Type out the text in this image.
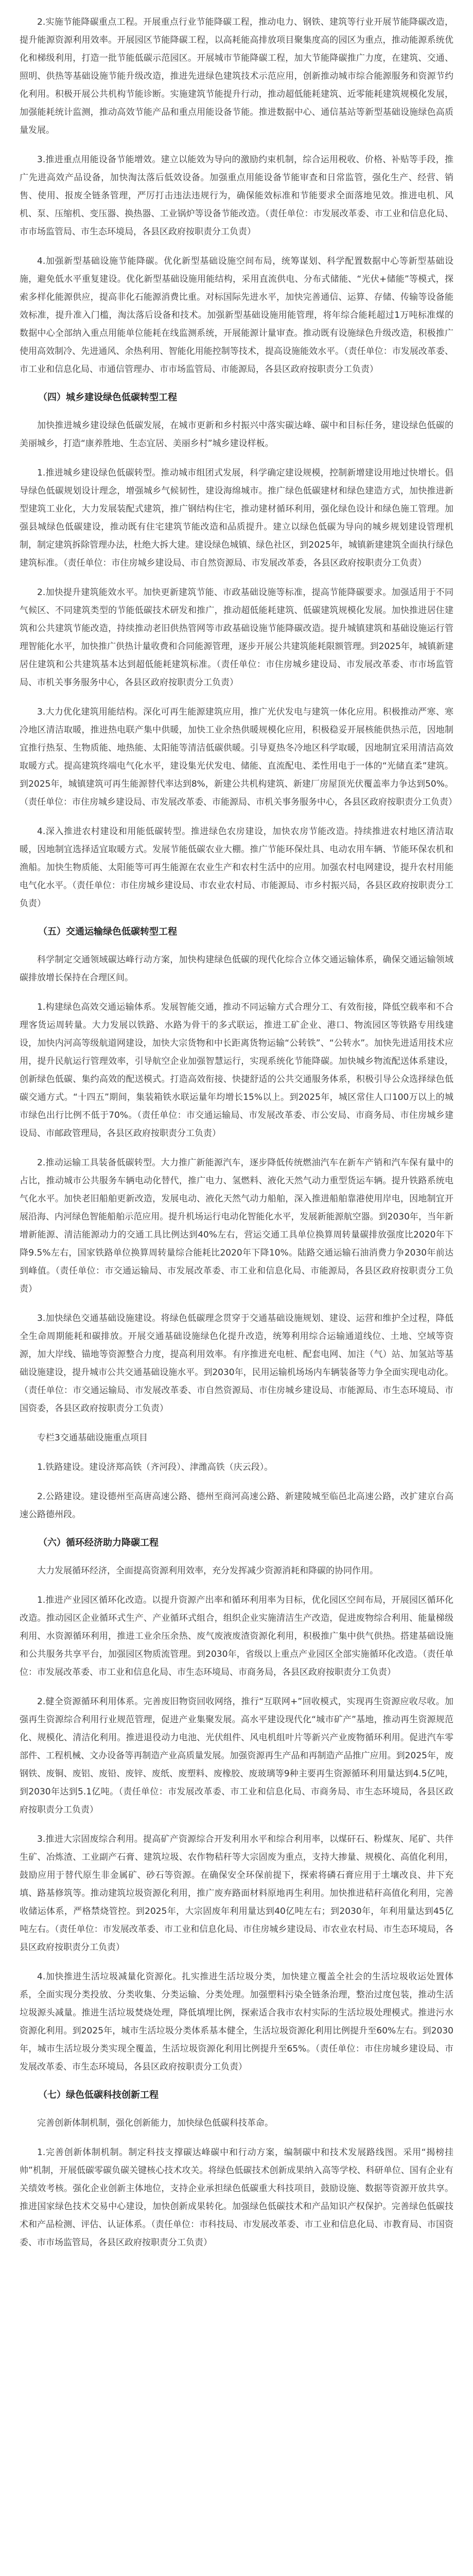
2.实施节能降碳重点工程。开展重点行业节能降碳工程，推动电力、钢铁、建筑等行业开展节能降碳改造，提升能源资源利用效率。开展园区节能降碳工程，以高耗能高排放项目聚集度高的园区为重点，推动能源系统优化和梯级利用，打造一批节能低碳示范园区。开展城市节能降碳工程，加大节能降碳推广力度，在建筑、交通、照明、供热等基础设施节能升级改造，推进先进绿色建筑技术示范应用，创新推动城市综合能源服务和资源节约化利用。积极开展公共机构节能诊断。实施建筑节能提升行动，推动超低能耗建筑、近零能耗建筑规模化发展，加强能耗统计监测，推动高效节能产品和重点用能设备节能。推进数据中心、通信基站等新型基础设施绿色高质量发展。

3.推进重点用能设备节能增效。建立以能效为导向的激励约束机制，综合运用税收、价格、补贴等手段，推广先进高效产品设备，加快淘汰落后低效设备。加强重点用能设备节能审查和日常监管，强化生产、经营、销售、使用、报废全链条管理，严厉打击违法违规行为，确保能效标准和节能要求全面落地见效。推进电机、风机、泵、压缩机、变压器、换热器、工业锅炉等设备节能改造。（责任单位：市发展改革委、市工业和信息化局、市市场监管局、市生态环境局，各县区政府按职责分工负责）

4.加强新型基础设施节能降碳。优化新型基础设施空间布局，统筹谋划、科学配置数据中心等新型基础设施，避免低水平重复建设。优化新型基础设施用能结构，采用直流供电、分布式储能、“光伏+储能”等模式，探索多样化能源供应，提高非化石能源消费比重。对标国际先进水平，加快完善通信、运算、存储、传输等设备能效标准，提升准入门槛，淘汰落后设备和技术。加强新型基础设施用能管理，将年综合能耗超过1万吨标准煤的数据中心全部纳入重点用能单位能耗在线监测系统，开展能源计量审查。推动既有设施绿色升级改造，积极推广使用高效制冷、先进通风、余热利用、智能化用能控制等技术，提高设施能效水平。（责任单位：市发展改革委、市工业和信息化局、市通信管理办、市市场监管局、市能源局，各县区政府按职责分工负责）

（四）城乡建设绿色低碳转型工程

加快推进城乡建设绿色低碳发展，在城市更新和乡村振兴中落实碳达峰、碳中和目标任务，建设绿色低碳的美丽城乡，打造“康养胜地、生态宜居、美丽乡村”城乡建设样板。

1.推进城乡建设绿色低碳转型。推动城市组团式发展，科学确定建设规模，控制新增建设用地过快增长。倡导绿色低碳规划设计理念，增强城乡气候韧性，建设海绵城市。推广绿色低碳建材和绿色建造方式，加快推进新型建筑工业化，大力发展装配式建筑，推广钢结构住宅，推动建材循环利用，强化绿色设计和绿色施工管理。加强县城绿色低碳建设，推动既有住宅建筑节能改造和品质提升。建立以绿色低碳为导向的城乡规划建设管理机制，制定建筑拆除管理办法，杜绝大拆大建。建设绿色城镇、绿色社区，到2025年，城镇新建建筑全面执行绿色建筑标准。（责任单位：市住房城乡建设局、市自然资源局、市发展改革委，各县区政府按职责分工负责）

2.加快提升建筑能效水平。加快更新建筑节能、市政基础设施等标准，提高节能降碳要求。加强适用于不同气候区、不同建筑类型的节能低碳技术研发和推广，推动超低能耗建筑、低碳建筑规模化发展。加快推进居住建筑和公共建筑节能改造，持续推动老旧供热管网等市政基础设施节能降碳改造。提升城镇建筑和基础设施运行管理智能化水平，加快推广供热计量收费和合同能源管理，逐步开展公共建筑能耗限额管理。到2025年，城镇新建居住建筑和公共建筑基本达到超低能耗建筑标准。（责任单位：市住房城乡建设局、市发展改革委、市市场监管局、市机关事务服务中心，各县区政府按职责分工负责）

3.大力优化建筑用能结构。深化可再生能源建筑应用，推广光伏发电与建筑一体化应用。积极推动严寒、寒冷地区清洁取暖，推进热电联产集中供暖，加快工业余热供暖规模化应用，积极稳妥开展核能供热示范，因地制宜推行热泵、生物质能、地热能、太阳能等清洁低碳供暖。引导夏热冬冷地区科学取暖，因地制宜采用清洁高效取暖方式。提高建筑终端电气化水平，建设集光伏发电、储能、直流配电、柔性用电于一体的“光储直柔”建筑。到2025年，城镇建筑可再生能源替代率达到8%，新建公共机构建筑、新建厂房屋顶光伏覆盖率力争达到50%。（责任单位：市住房城乡建设局、市发展改革委、市能源局、市机关事务服务中心，各县区政府按职责分工负责）

4.深入推进农村建设和用能低碳转型。推进绿色农房建设，加快农房节能改造。持续推进农村地区清洁取暖，因地制宜选择适宜取暖方式。发展节能低碳农业大棚。推广节能环保灶具、电动农用车辆、节能环保农机和渔船。加快生物质能、太阳能等可再生能源在农业生产和农村生活中的应用。加强农村电网建设，提升农村用能电气化水平。（责任单位：市住房城乡建设局、市农业农村局、市能源局、市乡村振兴局，各县区政府按职责分工负责）

（五）交通运输绿色低碳转型工程

科学制定交通领域碳达峰行动方案，加快构建绿色低碳的现代化综合立体交通运输体系，确保交通运输领域碳排放增长保持在合理区间。

1.构建绿色高效交通运输体系。发展智能交通，推动不同运输方式合理分工、有效衔接，降低空载率和不合理客货运周转量。大力发展以铁路、水路为骨干的多式联运，推进工矿企业、港口、物流园区等铁路专用线建设，加快内河高等级航道网建设，加快大宗货物和中长距离货物运输“公转铁”、“公转水”。加快先进适用技术应用，提升民航运行管理效率，引导航空企业加强智慧运行，实现系统化节能降碳。加快城乡物流配送体系建设，创新绿色低碳、集约高效的配送模式。打造高效衔接、快捷舒适的公共交通服务体系，积极引导公众选择绿色低碳交通方式。“十四五”期间，集装箱铁水联运量年均增长15%以上。到2025年，城区常住人口100万以上的城市绿色出行比例不低于70%。（责任单位：市交通运输局、市发展改革委、市公安局、市商务局、市住房城乡建设局、市邮政管理局，各县区政府按职责分工负责）

2.推动运输工具装备低碳转型。大力推广新能源汽车，逐步降低传统燃油汽车在新车产销和汽车保有量中的占比，推动城市公共服务车辆电动化替代，推广电力、氢燃料、液化天然气动力重型货运车辆。提升铁路系统电气化水平。加快老旧船舶更新改造，发展电动、液化天然气动力船舶，深入推进船舶靠港使用岸电，因地制宜开展沿海、内河绿色智能船舶示范应用。提升机场运行电动化智能化水平，发展新能源航空器。到2030年，当年新增新能源、清洁能源动力的交通工具比例达到40%左右，营运交通工具单位换算周转量碳排放强度比2020年下降9.5%左右，国家铁路单位换算周转量综合能耗比2020年下降10%。陆路交通运输石油消费力争2030年前达到峰值。（责任单位：市交通运输局、市发展改革委、市工业和信息化局、市能源局，各县区政府按职责分工负责）

3.加快绿色交通基础设施建设。将绿色低碳理念贯穿于交通基础设施规划、建设、运营和维护全过程，降低全生命周期能耗和碳排放。开展交通基础设施绿色化提升改造，统筹利用综合运输通道线位、土地、空域等资源，加大岸线、锚地等资源整合力度，提高利用效率。有序推进充电桩、配套电网、加注（气）站、加氢站等基础设施建设，提升城市公共交通基础设施水平。到2030年，民用运输机场场内车辆装备等力争全面实现电动化。（责任单位：市交通运输局、市发展改革委、市自然资源局、市住房城乡建设局、市能源局、市生态环境局、市国资委，各县区政府按职责分工负责）

专栏3交通基础设施重点项目

1.铁路建设。建设济郑高铁（齐河段）、津潍高铁（庆云段）。

2.公路建设。建设德州至高唐高速公路、德州至商河高速公路、新建陵城至临邑北高速公路，改扩建京台高速公路德州段。

（六）循环经济助力降碳工程

大力发展循环经济，全面提高资源利用效率，充分发挥减少资源消耗和降碳的协同作用。

1.推进产业园区循环化改造。以提升资源产出率和循环利用率为目标，优化园区空间布局，开展园区循环化改造。推动园区企业循环式生产、产业循环式组合，组织企业实施清洁生产改造，促进废物综合利用、能量梯级利用、水资源循环利用，推进工业余压余热、废气废液废渣资源化利用，积极推广集中供气供热。搭建基础设施和公共服务共享平台，加强园区物质流管理。到2030年，省级以上重点产业园区全部实施循环化改造。（责任单位：市发展改革委、市工业和信息化局、市生态环境局、市商务局，各县区政府按职责分工负责）

2.健全资源循环利用体系。完善废旧物资回收网络，推行“互联网+”回收模式，实现再生资源应收尽收。加强再生资源综合利用行业规范管理，促进产业集聚发展。高水平建设现代化“城市矿产”基地，推动再生资源规范化、规模化、清洁化利用。推进退役动力电池、光伏组件、风电机组叶片等新兴产业废物循环利用。促进汽车零部件、工程机械、文办设备等再制造产业高质量发展。加强资源再生产品和再制造产品推广应用。到2025年，废钢铁、废铜、废铝、废铅、废锌、废纸、废塑料、废橡胶、废玻璃等9种主要再生资源循环利用量达到4.5亿吨，到2030年达到5.1亿吨。（责任单位：市发展改革委、市工业和信息化局、市商务局、市生态环境局，各县区政府按职责分工负责）

3.推进大宗固废综合利用。提高矿产资源综合开发利用水平和综合利用率，以煤矸石、粉煤灰、尾矿、共伴生矿、冶炼渣、工业副产石膏、建筑垃圾、农作物秸秆等大宗固废为重点，支持大掺量、规模化、高值化利用，鼓励应用于替代原生非金属矿、砂石等资源。在确保安全环保前提下，探索将磷石膏应用于土壤改良、井下充填、路基修筑等。推动建筑垃圾资源化利用，推广废弃路面材料原地再生利用。加快推进秸秆高值化利用，完善收储运体系，严格禁烧管控。到2025年，大宗固废年利用量达到40亿吨左右；到2030年，年利用量达到45亿吨左右。（责任单位：市发展改革委、市工业和信息化局、市住房城乡建设局、市农业农村局、市生态环境局，各县区政府按职责分工负责）

4.加快推进生活垃圾减量化资源化。扎实推进生活垃圾分类，加快建立覆盖全社会的生活垃圾收运处置体系，全面实现分类投放、分类收集、分类运输、分类处理。加强塑料污染全链条治理，整治过度包装，推动生活垃圾源头减量。推进生活垃圾焚烧处理，降低填埋比例，探索适合我市农村实际的生活垃圾处理模式。推进污水资源化利用。到2025年，城市生活垃圾分类体系基本健全，生活垃圾资源化利用比例提升至60%左右。到2030年，城市生活垃圾分类实现全覆盖，生活垃圾资源化利用比例提升至65%。（责任单位：市住房城乡建设局、市发展改革委、市生态环境局，各县区政府按职责分工负责）

（七）绿色低碳科技创新工程

完善创新体制机制，强化创新能力，加快绿色低碳科技革命。

1.完善创新体制机制。制定科技支撑碳达峰碳中和行动方案，编制碳中和技术发展路线图。采用“揭榜挂帅”机制，开展低碳零碳负碳关键核心技术攻关。将绿色低碳技术创新成果纳入高等学校、科研单位、国有企业有关绩效考核。强化企业创新主体地位，支持企业承担绿色低碳重大科技项目，鼓励设施、数据等资源开放共享。推进国家绿色技术交易中心建设，加快创新成果转化。加强绿色低碳技术和产品知识产权保护。完善绿色低碳技术和产品检测、评估、认证体系。（责任单位：市科技局、市发展改革委、市工业和信息化局、市教育局、市国资委、市市场监管局，各县区政府按职责分工负责）
